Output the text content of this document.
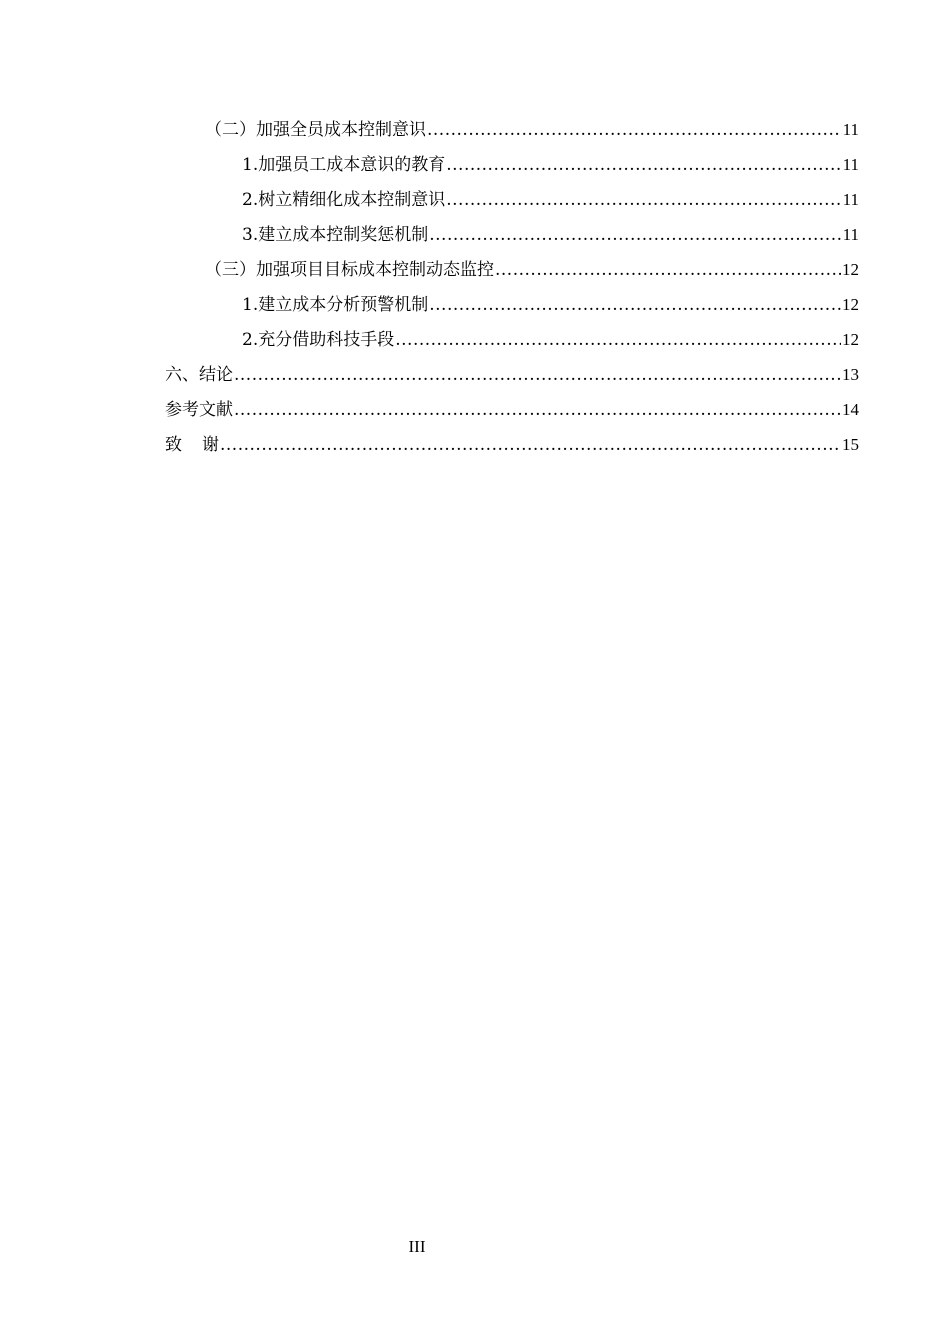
（二）加强全员成本控制意识 .....	11
1.加强员工成本意识的教育 .....	11
2.树立精细化成本控制意识 .....	11
3.建立成本控制奖惩机制 .....	11
（三）加强项目目标成本控制动态监控 .....	12
1.建立成本分析预警机制 .....	12
2.充分借助科技手段 .....	12
六、结论 .....	13
参考文献 .....	14
致 谢 .....	15
III
